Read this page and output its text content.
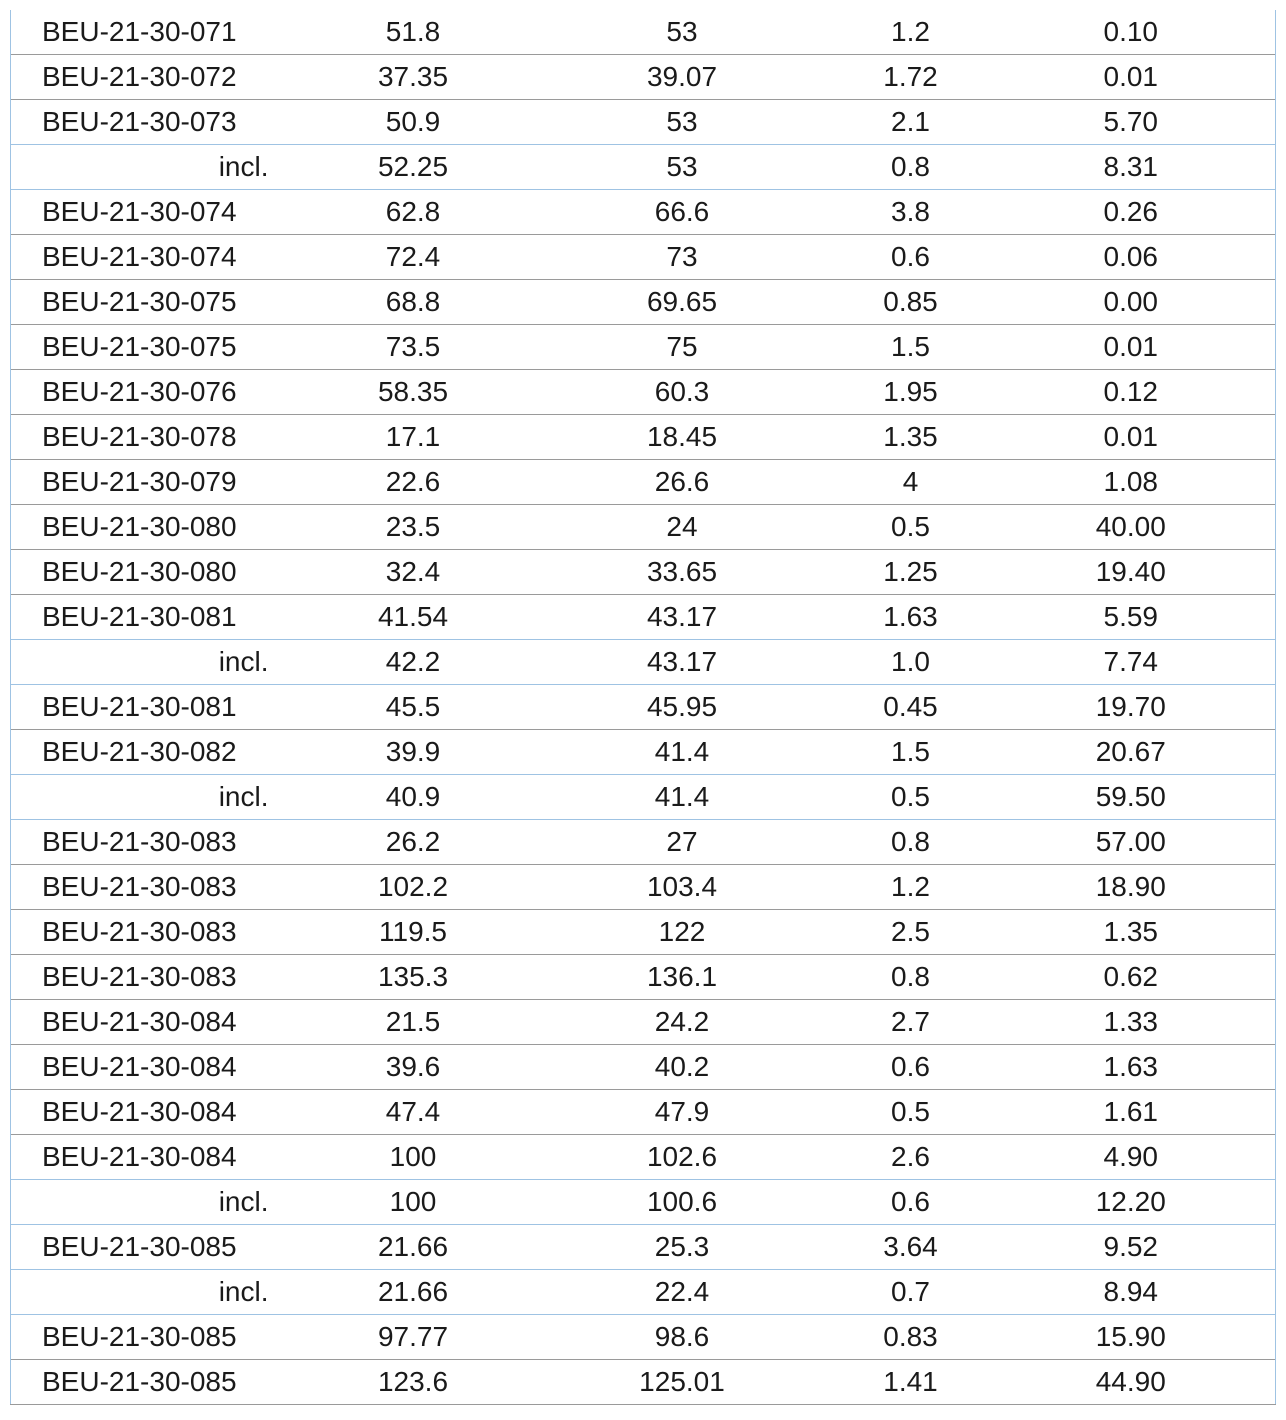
BEU-21-30-071	51.8	53	1.2	0.10
BEU-21-30-072	37.35	39.07	1.72	0.01
BEU-21-30-073	50.9	53	2.1	5.70
incl.	52.25	53	0.8	8.31
BEU-21-30-074	62.8	66.6	3.8	0.26
BEU-21-30-074	72.4	73	0.6	0.06
BEU-21-30-075	68.8	69.65	0.85	0.00
BEU-21-30-075	73.5	75	1.5	0.01
BEU-21-30-076	58.35	60.3	1.95	0.12
BEU-21-30-078	17.1	18.45	1.35	0.01
BEU-21-30-079	22.6	26.6	4	1.08
BEU-21-30-080	23.5	24	0.5	40.00
BEU-21-30-080	32.4	33.65	1.25	19.40
BEU-21-30-081	41.54	43.17	1.63	5.59
incl.	42.2	43.17	1.0	7.74
BEU-21-30-081	45.5	45.95	0.45	19.70
BEU-21-30-082	39.9	41.4	1.5	20.67
incl.	40.9	41.4	0.5	59.50
BEU-21-30-083	26.2	27	0.8	57.00
BEU-21-30-083	102.2	103.4	1.2	18.90
BEU-21-30-083	119.5	122	2.5	1.35
BEU-21-30-083	135.3	136.1	0.8	0.62
BEU-21-30-084	21.5	24.2	2.7	1.33
BEU-21-30-084	39.6	40.2	0.6	1.63
BEU-21-30-084	47.4	47.9	0.5	1.61
BEU-21-30-084	100	102.6	2.6	4.90
incl.	100	100.6	0.6	12.20
BEU-21-30-085	21.66	25.3	3.64	9.52
incl.	21.66	22.4	0.7	8.94
BEU-21-30-085	97.77	98.6	0.83	15.90
BEU-21-30-085	123.6	125.01	1.41	44.90
